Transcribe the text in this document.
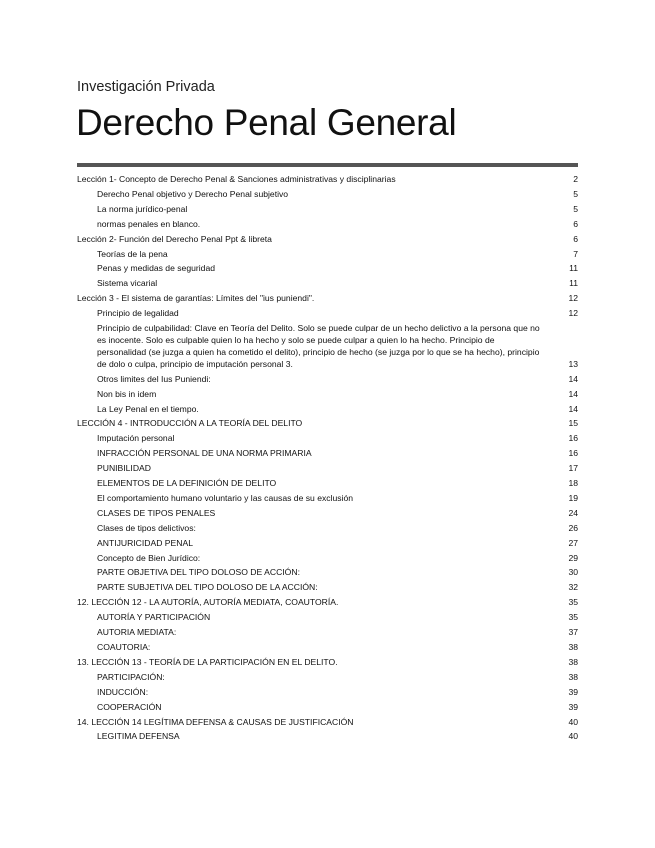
Investigación Privada
Derecho Penal General
Lección 1- Concepto de Derecho Penal & Sanciones administrativas y disciplinarias	2
Derecho Penal objetivo y Derecho Penal subjetivo	5
La norma jurídico-penal	5
normas penales en blanco.	6
Lección 2- Función del Derecho Penal Ppt & libreta	6
Teorías de la pena	7
Penas y medidas de seguridad	11
Sistema vicarial	11
Lección 3 - El sistema de garantías: Límites del "ius puniendi".	12
Principio de legalidad	12
Principio de culpabilidad: Clave en Teoría del Delito. Solo se puede culpar de un hecho delictivo a la persona que no es inocente. Solo es culpable quien lo ha hecho y solo se puede culpar a quien lo ha hecho. Principio de personalidad (se juzga a quien ha cometido el delito), principio de hecho (se juzga por lo que se ha hecho), principio de dolo o culpa, principio de imputación personal 3.	13
Otros limites del Ius Puniendi:	14
Non bis in idem	14
La Ley Penal en el tiempo.	14
LECCIÓN 4 - INTRODUCCIÓN A LA TEORÍA DEL DELITO	15
Imputación personal	16
INFRACCIÓN PERSONAL DE UNA NORMA PRIMARIA	16
PUNIBILIDAD	17
ELEMENTOS DE LA DEFINICIÓN DE DELITO	18
El comportamiento humano voluntario y las causas de su exclusión	19
CLASES DE TIPOS PENALES	24
Clases de tipos delictivos:	26
ANTIJURICIDAD PENAL	27
Concepto de Bien Jurídico:	29
PARTE OBJETIVA DEL TIPO DOLOSO DE ACCIÓN:	30
PARTE SUBJETIVA DEL TIPO DOLOSO DE LA ACCIÓN:	32
12. LECCIÓN 12 - LA AUTORÍA, AUTORÍA MEDIATA, COAUTORÍA.	35
AUTORÍA Y PARTICIPACIÓN	35
AUTORIA MEDIATA:	37
COAUTORIA:	38
13. LECCIÓN 13 - TEORÍA DE LA PARTICIPACIÓN EN EL DELITO.	38
PARTICIPACIÓN:	38
INDUCCIÓN:	39
COOPERACIÓN	39
14. LECCIÓN 14 LEGÍTIMA DEFENSA & CAUSAS DE JUSTIFICACIÓN	40
LEGITIMA DEFENSA	40
